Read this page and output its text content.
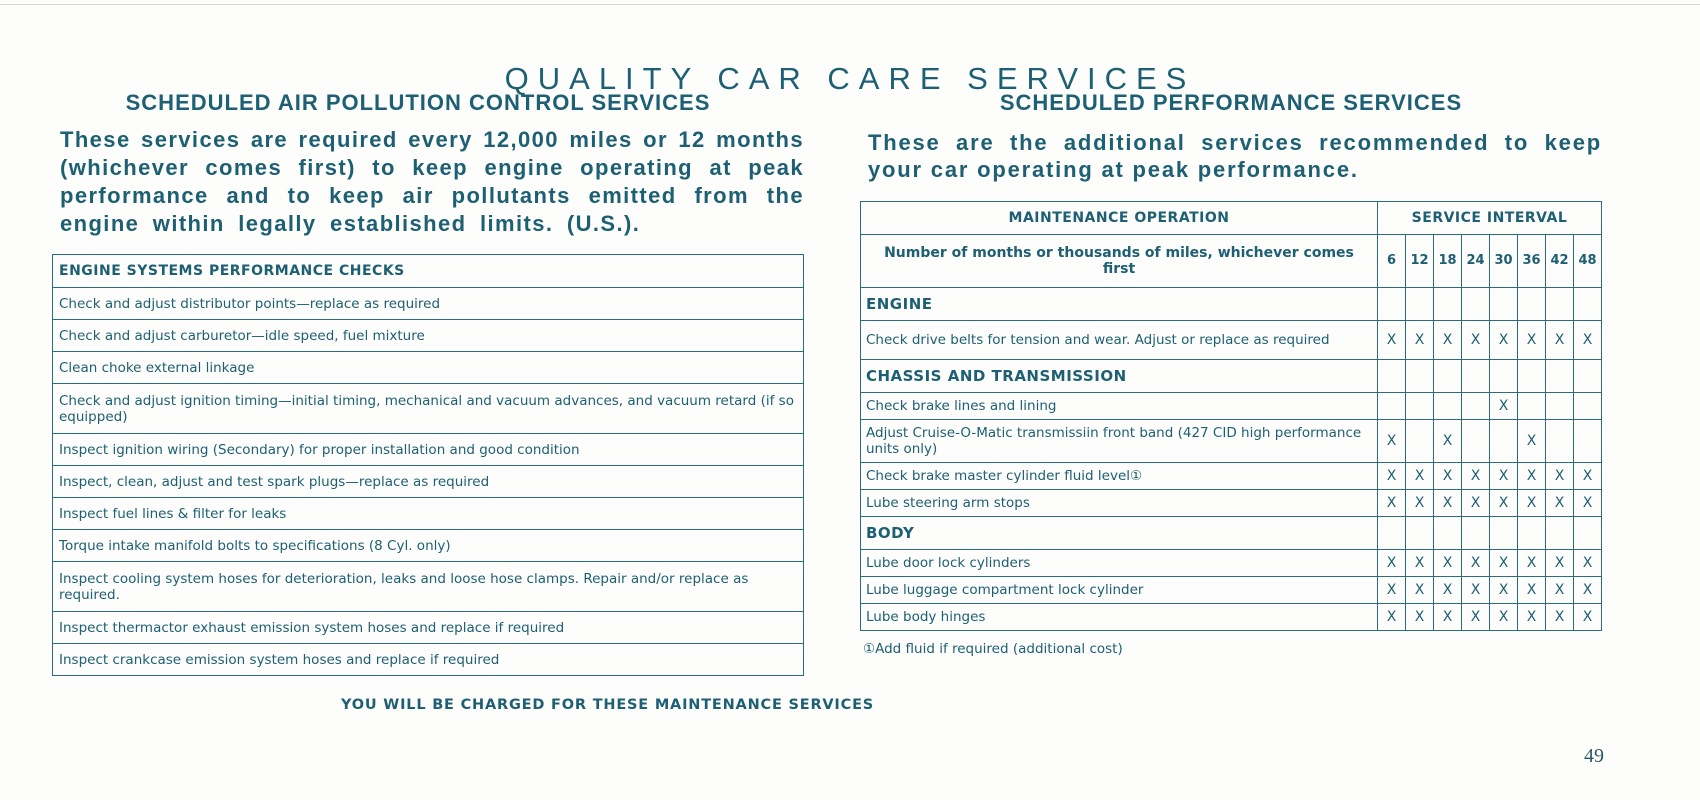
QUALITY CAR CARE SERVICES
SCHEDULED AIR POLLUTION CONTROL SERVICES
These services are required every 12,000 miles or 12 months
(whichever comes first) to keep engine operating at peak
performance and to keep air pollutants emitted from the
engine within legally established limits. (U.S.).
ENGINE SYSTEMS PERFORMANCE CHECKS
Check and adjust distributor points—replace as required
Check and adjust carburetor—idle speed, fuel mixture
Clean choke external linkage
Check and adjust ignition timing—initial timing, mechanical and vacuum advances, and vacuum retard (if so equipped)
Inspect ignition wiring (Secondary) for proper installation and good condition
Inspect, clean, adjust and test spark plugs—replace as required
Inspect fuel lines & filter for leaks
Torque intake manifold bolts to specifications (8 Cyl. only)
Inspect cooling system hoses for deterioration, leaks and loose hose clamps. Repair and/or replace as required.
Inspect thermactor exhaust emission system hoses and replace if required
Inspect crankcase emission system hoses and replace if required
SCHEDULED PERFORMANCE SERVICES
These are the additional services recommended to keep
your car operating at peak performance.
MAINTENANCE OPERATION	SERVICE INTERVAL							
Number of months or thousands of miles, whichever comes first	6	12	18	24	30	36	42	48
ENGINE								
Check drive belts for tension and wear. Adjust or replace as required	X	X	X	X	X	X	X	X
CHASSIS AND TRANSMISSION								
Check brake lines and lining					X			
Adjust Cruise-O-Matic transmissiin front band (427 CID high performance units only)	X		X			X		
Check brake master cylinder fluid level①	X	X	X	X	X	X	X	X
Lube steering arm stops	X	X	X	X	X	X	X	X
BODY								
Lube door lock cylinders	X	X	X	X	X	X	X	X
Lube luggage compartment lock cylinder	X	X	X	X	X	X	X	X
Lube body hinges	X	X	X	X	X	X	X	X
①Add fluid if required (additional cost)
YOU WILL BE CHARGED FOR THESE MAINTENANCE SERVICES
49
